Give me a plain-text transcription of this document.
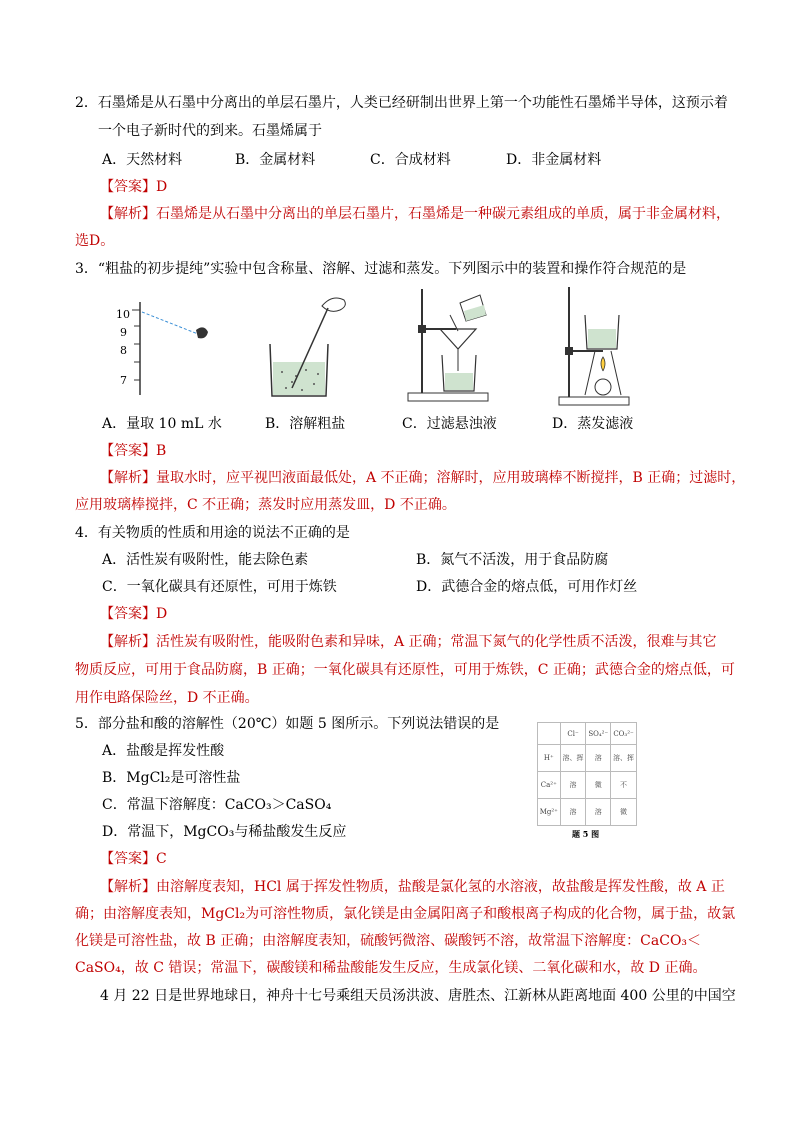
2．石墨烯是从石墨中分离出的单层石墨片，人类已经研制出世界上第一个功能性石墨烯半导体，这预示着
一个电子新时代的到来。石墨烯属于
A．天然材料	B．金属材料	C．合成材料	D．非金属材料
【答案】D
【解析】石墨烯是从石墨中分离出的单层石墨片，石墨烯是一种碳元素组成的单质，属于非金属材料，
选D。
3．“粗盐的初步提纯”实验中包含称量、溶解、过滤和蒸发。下列图示中的装置和操作符合规范的是
10
9
8
7
A．量取 10 mL 水	B．溶解粗盐	C．过滤悬浊液	D．蒸发滤液
【答案】B
【解析】量取水时，应平视凹液面最低处，A 不正确；溶解时，应用玻璃棒不断搅拌，B 正确；过滤时，
应用玻璃棒搅拌，C 不正确；蒸发时应用蒸发皿，D 不正确。
4．有关物质的性质和用途的说法不正确的是
A．活性炭有吸附性，能去除色素	B．氮气不活泼，用于食品防腐
C．一氧化碳具有还原性，可用于炼铁	D．武德合金的熔点低，可用作灯丝
【答案】D
【解析】活性炭有吸附性，能吸附色素和异味，A 正确；常温下氮气的化学性质不活泼，很难与其它
物质反应，可用于食品防腐，B 正确；一氧化碳具有还原性，可用于炼铁，C 正确；武德合金的熔点低，可
用作电路保险丝，D 不正确。
5．部分盐和酸的溶解性（20℃）如题 5 图所示。下列说法错误的是
A．盐酸是挥发性酸
B．MgCl₂是可溶性盐
C．常温下溶解度：CaCO₃＞CaSO₄
D．常温下，MgCO₃与稀盐酸发生反应
	Cl⁻	SO₄²⁻	CO₃²⁻
H⁺	溶、挥	溶	溶、挥
Ca²⁺	溶	微	不
Mg²⁺	溶	溶	微
题 5 图
【答案】C
【解析】由溶解度表知，HCl 属于挥发性物质，盐酸是氯化氢的水溶液，故盐酸是挥发性酸，故 A 正
确；由溶解度表知，MgCl₂为可溶性物质，氯化镁是由金属阳离子和酸根离子构成的化合物，属于盐，故氯
化镁是可溶性盐，故 B 正确；由溶解度表知，硫酸钙微溶、碳酸钙不溶，故常温下溶解度：CaCO₃＜
CaSO₄，故 C 错误；常温下，碳酸镁和稀盐酸能发生反应，生成氯化镁、二氧化碳和水，故 D 正确。
4 月 22 日是世界地球日，神舟十七号乘组天员汤洪波、唐胜杰、江新林从距离地面 400 公里的中国空
